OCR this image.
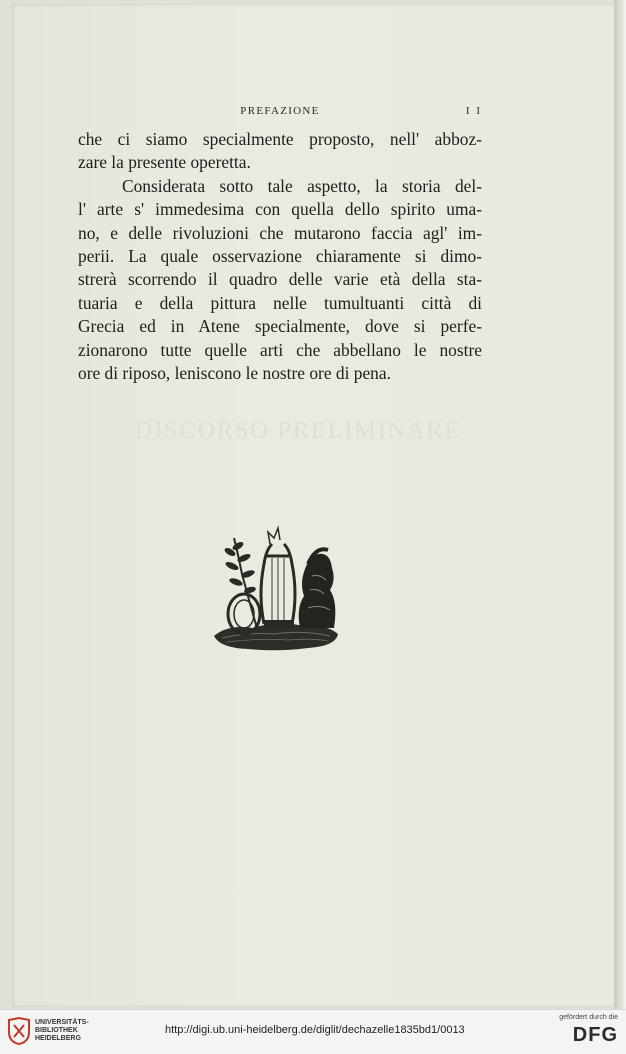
PREFAZIONE	I I
DISCORSO PRELIMINARE
che ci siamo specialmente proposto, nell' abboz-
zare la presente operetta.
Considerata sotto tale aspetto, la storia del-
l' arte s' immedesima con quella dello spirito uma-
no, e delle rivoluzioni che mutarono faccia agl' im-
perii. La quale osservazione chiaramente si dimo-
strerà scorrendo il quadro delle varie età della sta-
tuaria e della pittura nelle tumultuanti città di
Grecia ed in Atene specialmente, dove si perfe-
zionarono tutte quelle arti che abbellano le nostre
ore di riposo, leniscono le nostre ore di pena.
UNIVERSITÄTS-
BIBLIOTHEK
HEIDELBERG
http://digi.ub.uni-heidelberg.de/diglit/dechazelle1835bd1/0013
gefördert durch die
DFG
